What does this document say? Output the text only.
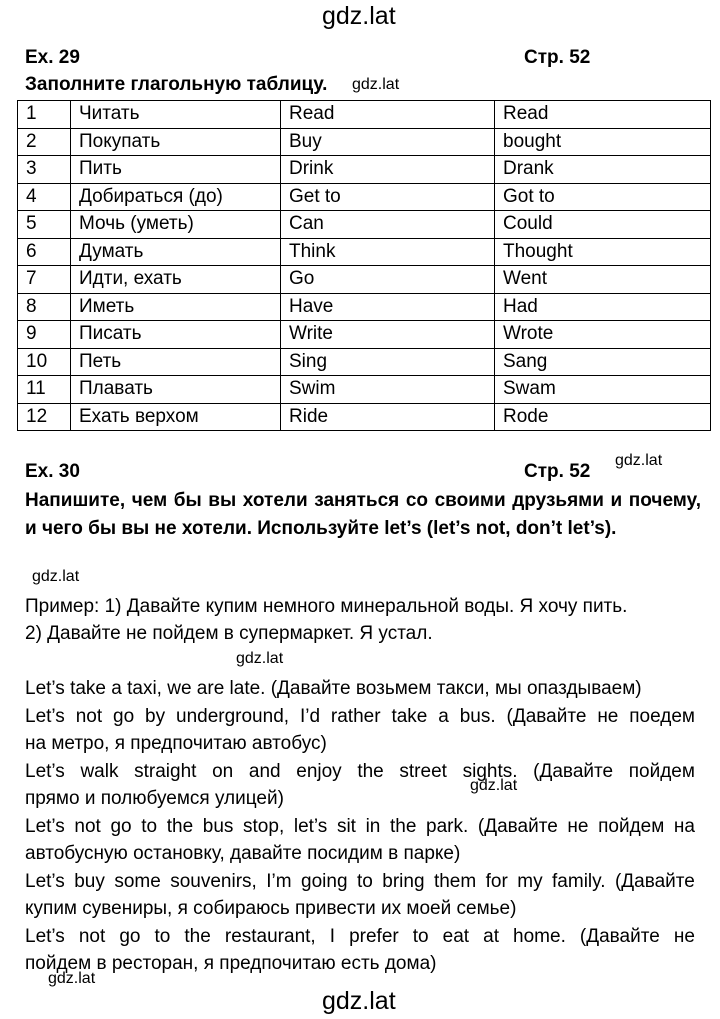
gdz.lat
gdz.lat
gdz.lat
gdz.lat
gdz.lat
gdz.lat
gdz.lat
gdz.lat
Ex. 29	Стр. 52
Заполните глагольную таблицу.
1	Читать	Read	Read
2	Покупать	Buy	bought
3	Пить	Drink	Drank
4	Добираться (до)	Get to	Got to
5	Мочь (уметь)	Can	Could
6	Думать	Think	Thought
7	Идти, ехать	Go	Went
8	Иметь	Have	Had
9	Писать	Write	Wrote
10	Петь	Sing	Sang
11	Плавать	Swim	Swam
12	Ехать верхом	Ride	Rode
Ex. 30	Стр. 52
Напишите, чем бы вы хотели заняться со своими друзьями и почему, и чего бы вы не хотели. Используйте let’s (let’s not, don’t let’s).
Пример: 1) Давайте купим немного минеральной воды. Я хочу пить.
2) Давайте не пойдем в супермаркет. Я устал.
Let’s take a taxi, we are late. (Давайте возьмем такси, мы опаздываем)
Let’s not go by underground, I’d rather take a bus. (Давайте не поедем
на метро, я предпочитаю автобус)
Let’s walk straight on and enjoy the street sights. (Давайте пойдем
прямо и полюбуемся улицей)
Let’s not go to the bus stop, let’s sit in the park. (Давайте не пойдем на
автобусную остановку, давайте посидим в парке)
Let’s buy some souvenirs, I’m going to bring them for my family. (Давайте
купим сувениры, я собираюсь привести их моей семье)
Let’s not go to the restaurant, I prefer to eat at home. (Давайте не
пойдем в ресторан, я предпочитаю есть дома)
